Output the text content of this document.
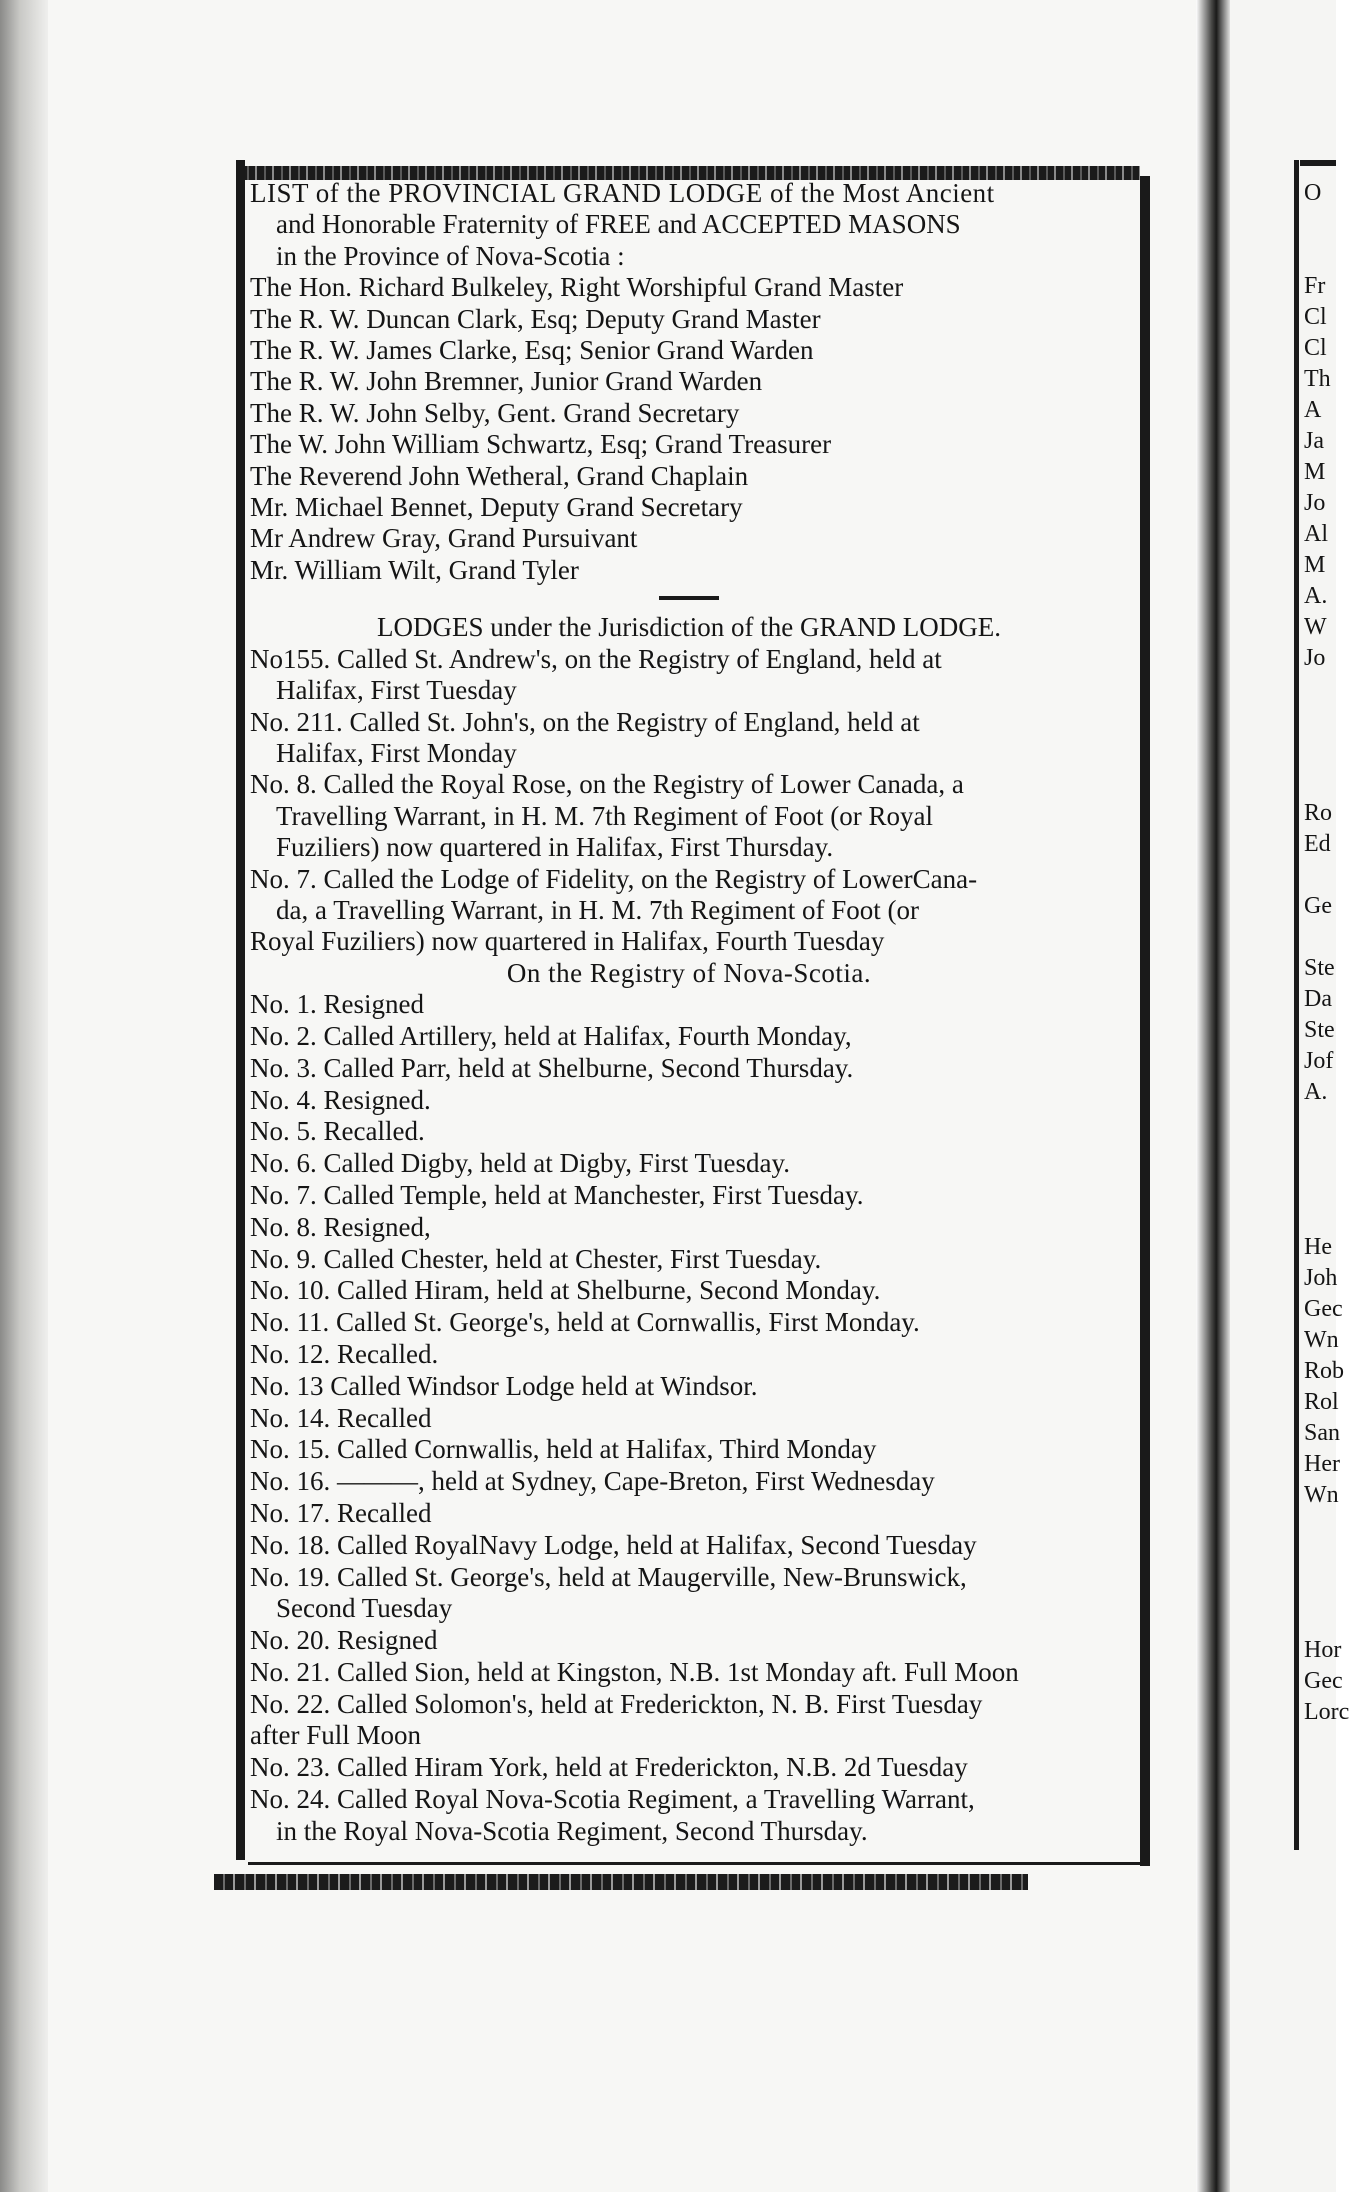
LIST of the PROVINCIAL GRAND LODGE of the Most Ancient
and Honorable Fraternity of FREE and ACCEPTED MASONS
in the Province of Nova-Scotia :
The Hon. Richard Bulkeley, Right Worshipful Grand Master
The R. W. Duncan Clark, Esq; Deputy Grand Master
The R. W. James Clarke, Esq; Senior Grand Warden
The R. W. John Bremner, Junior Grand Warden
The R. W. John Selby, Gent. Grand Secretary
The W. John William Schwartz, Esq; Grand Treasurer
The Reverend John Wetheral, Grand Chaplain
Mr. Michael Bennet, Deputy Grand Secretary
Mr Andrew Gray, Grand Pursuivant
Mr. William Wilt, Grand Tyler
LODGES under the Jurisdiction of the GRAND LODGE.
No155. Called St. Andrew's, on the Registry of England, held at
Halifax, First Tuesday
No. 211. Called St. John's, on the Registry of England, held at
Halifax, First Monday
No. 8. Called the Royal Rose, on the Registry of Lower Canada, a
Travelling Warrant, in H. M. 7th Regiment of Foot (or Royal
Fuziliers) now quartered in Halifax, First Thursday.
No. 7. Called the Lodge of Fidelity, on the Registry of LowerCana-
da, a Travelling Warrant, in H. M. 7th Regiment of Foot (or
Royal Fuziliers) now quartered in Halifax, Fourth Tuesday
On the Registry of Nova-Scotia.
No. 1. Resigned
No. 2. Called Artillery, held at Halifax, Fourth Monday,
No. 3. Called Parr, held at Shelburne, Second Thursday.
No. 4. Resigned.
No. 5. Recalled.
No. 6. Called Digby, held at Digby, First Tuesday.
No. 7. Called Temple, held at Manchester, First Tuesday.
No. 8. Resigned,
No. 9. Called Chester, held at Chester, First Tuesday.
No. 10. Called Hiram, held at Shelburne, Second Monday.
No. 11. Called St. George's, held at Cornwallis, First Monday.
No. 12. Recalled.
No. 13 Called Windsor Lodge held at Windsor.
No. 14. Recalled
No. 15. Called Cornwallis, held at Halifax, Third Monday
No. 16. ———, held at Sydney, Cape-Breton, First Wednesday
No. 17. Recalled
No. 18. Called RoyalNavy Lodge, held at Halifax, Second Tuesday
No. 19. Called St. George's, held at Maugerville, New-Brunswick,
Second Tuesday
No. 20. Resigned
No. 21. Called Sion, held at Kingston, N.B. 1st Monday aft. Full Moon
No. 22. Called Solomon's, held at Frederickton, N. B. First Tuesday
after Full Moon
No. 23. Called Hiram York, held at Frederickton, N.B. 2d Tuesday
No. 24. Called Royal Nova-Scotia Regiment, a Travelling Warrant,
in the Royal Nova-Scotia Regiment, Second Thursday.
O
Fr
Cl
Cl
Th
A
Ja
M
Jo
Al
M
A.
W
Jo
Ro
Ed
Ge
Ste
Da
Ste
Jof
A.
He
Joh
Gec
Wn
Rob
Rol
San
Her
Wn
Hor
Gec
Lorc
